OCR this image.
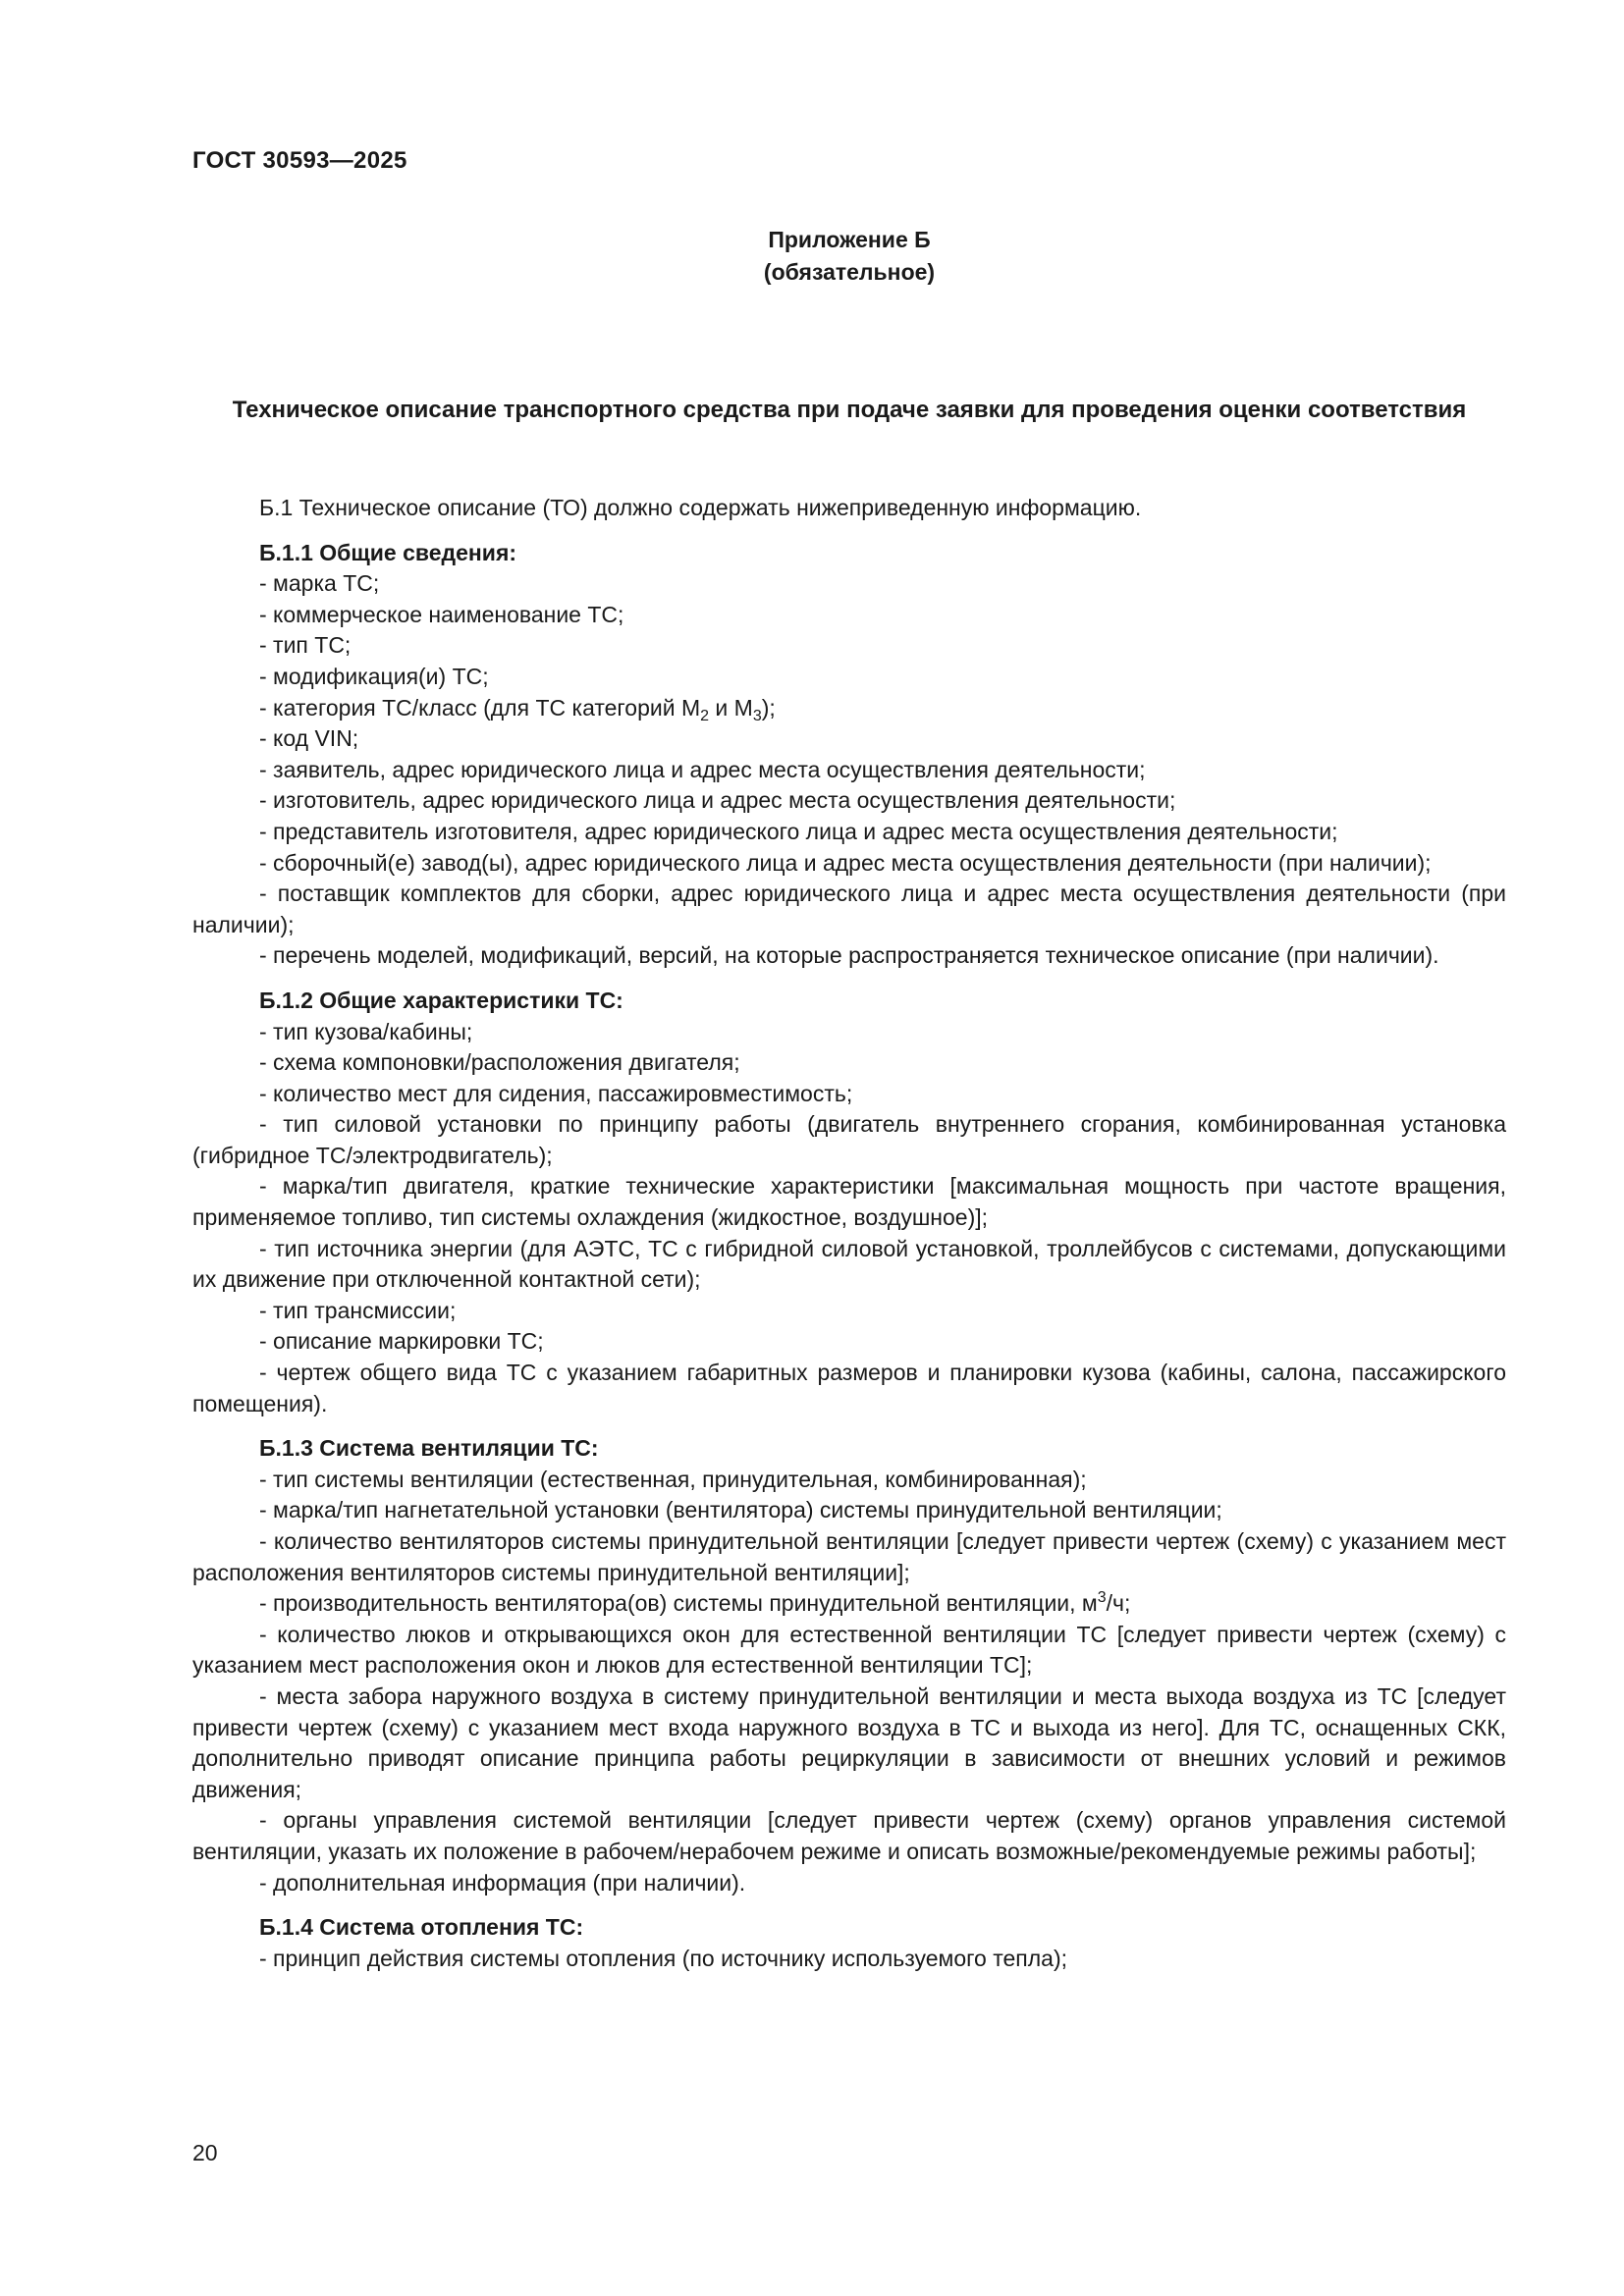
ГОСТ 30593—2025
Приложение Б
(обязательное)
Техническое описание транспортного средства при подаче заявки для проведения оценки соответствия

Б.1 Техническое описание (ТО) должно содержать нижеприведенную информацию.

Б.1.1 Общие сведения:

- марка ТС;

- коммерческое наименование ТС;

- тип ТС;

- модификация(и) ТС;

- категория ТС/класс (для ТС категорий $M_2$ и $M_3$);

- код VIN;

- заявитель, адрес юридического лица и адрес места осуществления деятельности;

- изготовитель, адрес юридического лица и адрес места осуществления деятельности;

- представитель изготовителя, адрес юридического лица и адрес места осуществления деятельности;

- сборочный(е) завод(ы), адрес юридического лица и адрес места осуществления деятельности (при наличии);

- поставщик комплектов для сборки, адрес юридического лица и адрес места осуществления деятельности (при наличии);

- перечень моделей, модификаций, версий, на которые распространяется техническое описание (при наличии).

Б.1.2 Общие характеристики ТС:

- тип кузова/кабины;

- схема компоновки/расположения двигателя;

- количество мест для сидения, пассажировместимость;

- тип силовой установки по принципу работы (двигатель внутреннего сгорания, комбинированная установка (гибридное ТС/электродвигатель);

- марка/тип двигателя, краткие технические характеристики [максимальная мощность при частоте вращения, применяемое топливо, тип системы охлаждения (жидкостное, воздушное)];

- тип источника энергии (для АЭТС, ТС с гибридной силовой установкой, троллейбусов с системами, допускающими их движение при отключенной контактной сети);

- тип трансмиссии;

- описание маркировки ТС;

- чертеж общего вида ТС с указанием габаритных размеров и планировки кузова (кабины, салона, пассажирского помещения).

Б.1.3 Система вентиляции ТС:

- тип системы вентиляции (естественная, принудительная, комбинированная);

- марка/тип нагнетательной установки (вентилятора) системы принудительной вентиляции;

- количество вентиляторов системы принудительной вентиляции [следует привести чертеж (схему) с указанием мест расположения вентиляторов системы принудительной вентиляции];

- производительность вентилятора(ов) системы принудительной вентиляции, $м^3/ч$;

- количество люков и открывающихся окон для естественной вентиляции ТС [следует привести чертеж (схему) с указанием мест расположения окон и люков для естественной вентиляции ТС];

- места забора наружного воздуха в систему принудительной вентиляции и места выхода воздуха из ТС [следует привести чертеж (схему) с указанием мест входа наружного воздуха в ТС и выхода из него]. Для ТС, оснащенных СКК, дополнительно приводят описание принципа работы рециркуляции в зависимости от внешних условий и режимов движения;

- органы управления системой вентиляции [следует привести чертеж (схему) органов управления системой вентиляции, указать их положение в рабочем/нерабочем режиме и описать возможные/рекомендуемые режимы работы];

- дополнительная информация (при наличии).

Б.1.4 Система отопления ТС:

- принцип действия системы отопления (по источнику используемого тепла);

20
